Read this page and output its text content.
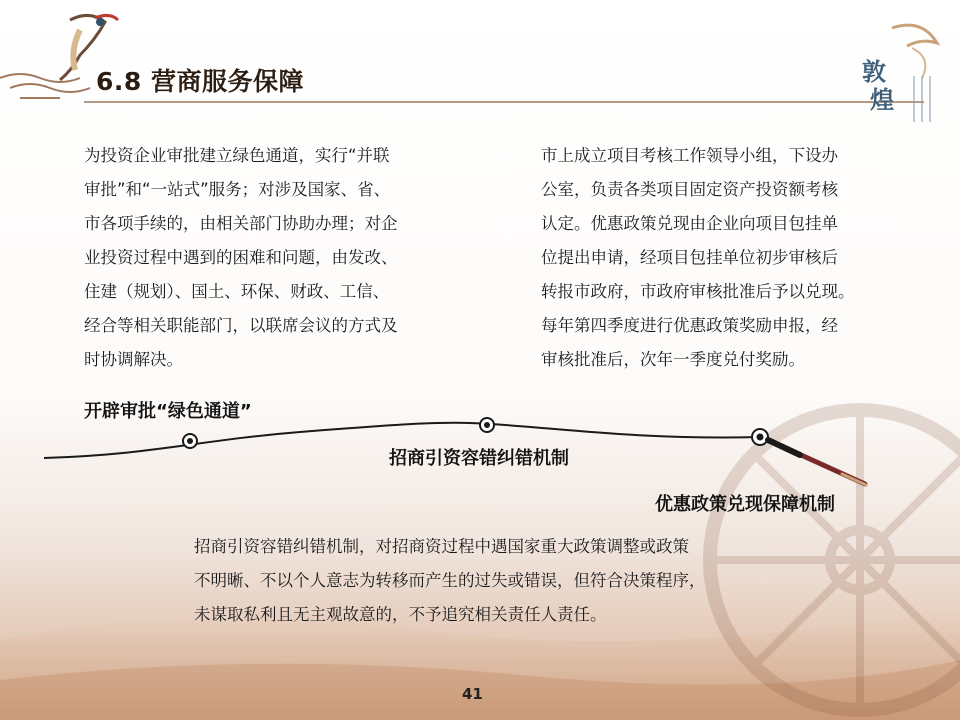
敦
煌
6.8 营商服务保障
为投资企业审批建立绿色通道，实行“并联
审批”和“一站式”服务；对涉及国家、省、
市各项手续的，由相关部门协助办理；对企
业投资过程中遇到的困难和问题，由发改、
住建（规划）、国土、环保、财政、工信、
经合等相关职能部门，以联席会议的方式及
时协调解决。
市上成立项目考核工作领导小组，下设办
公室，负责各类项目固定资产投资额考核
认定。优惠政策兑现由企业向项目包挂单
位提出申请，经项目包挂单位初步审核后
转报市政府，市政府审核批准后予以兑现。
每年第四季度进行优惠政策奖励申报，经
审核批准后，次年一季度兑付奖励。
开辟审批“绿色通道”
招商引资容错纠错机制
优惠政策兑现保障机制
招商引资容错纠错机制，对招商资过程中遇国家重大政策调整或政策
不明晰、不以个人意志为转移而产生的过失或错误，但符合决策程序，
未谋取私利且无主观故意的，不予追究相关责任人责任。
41
